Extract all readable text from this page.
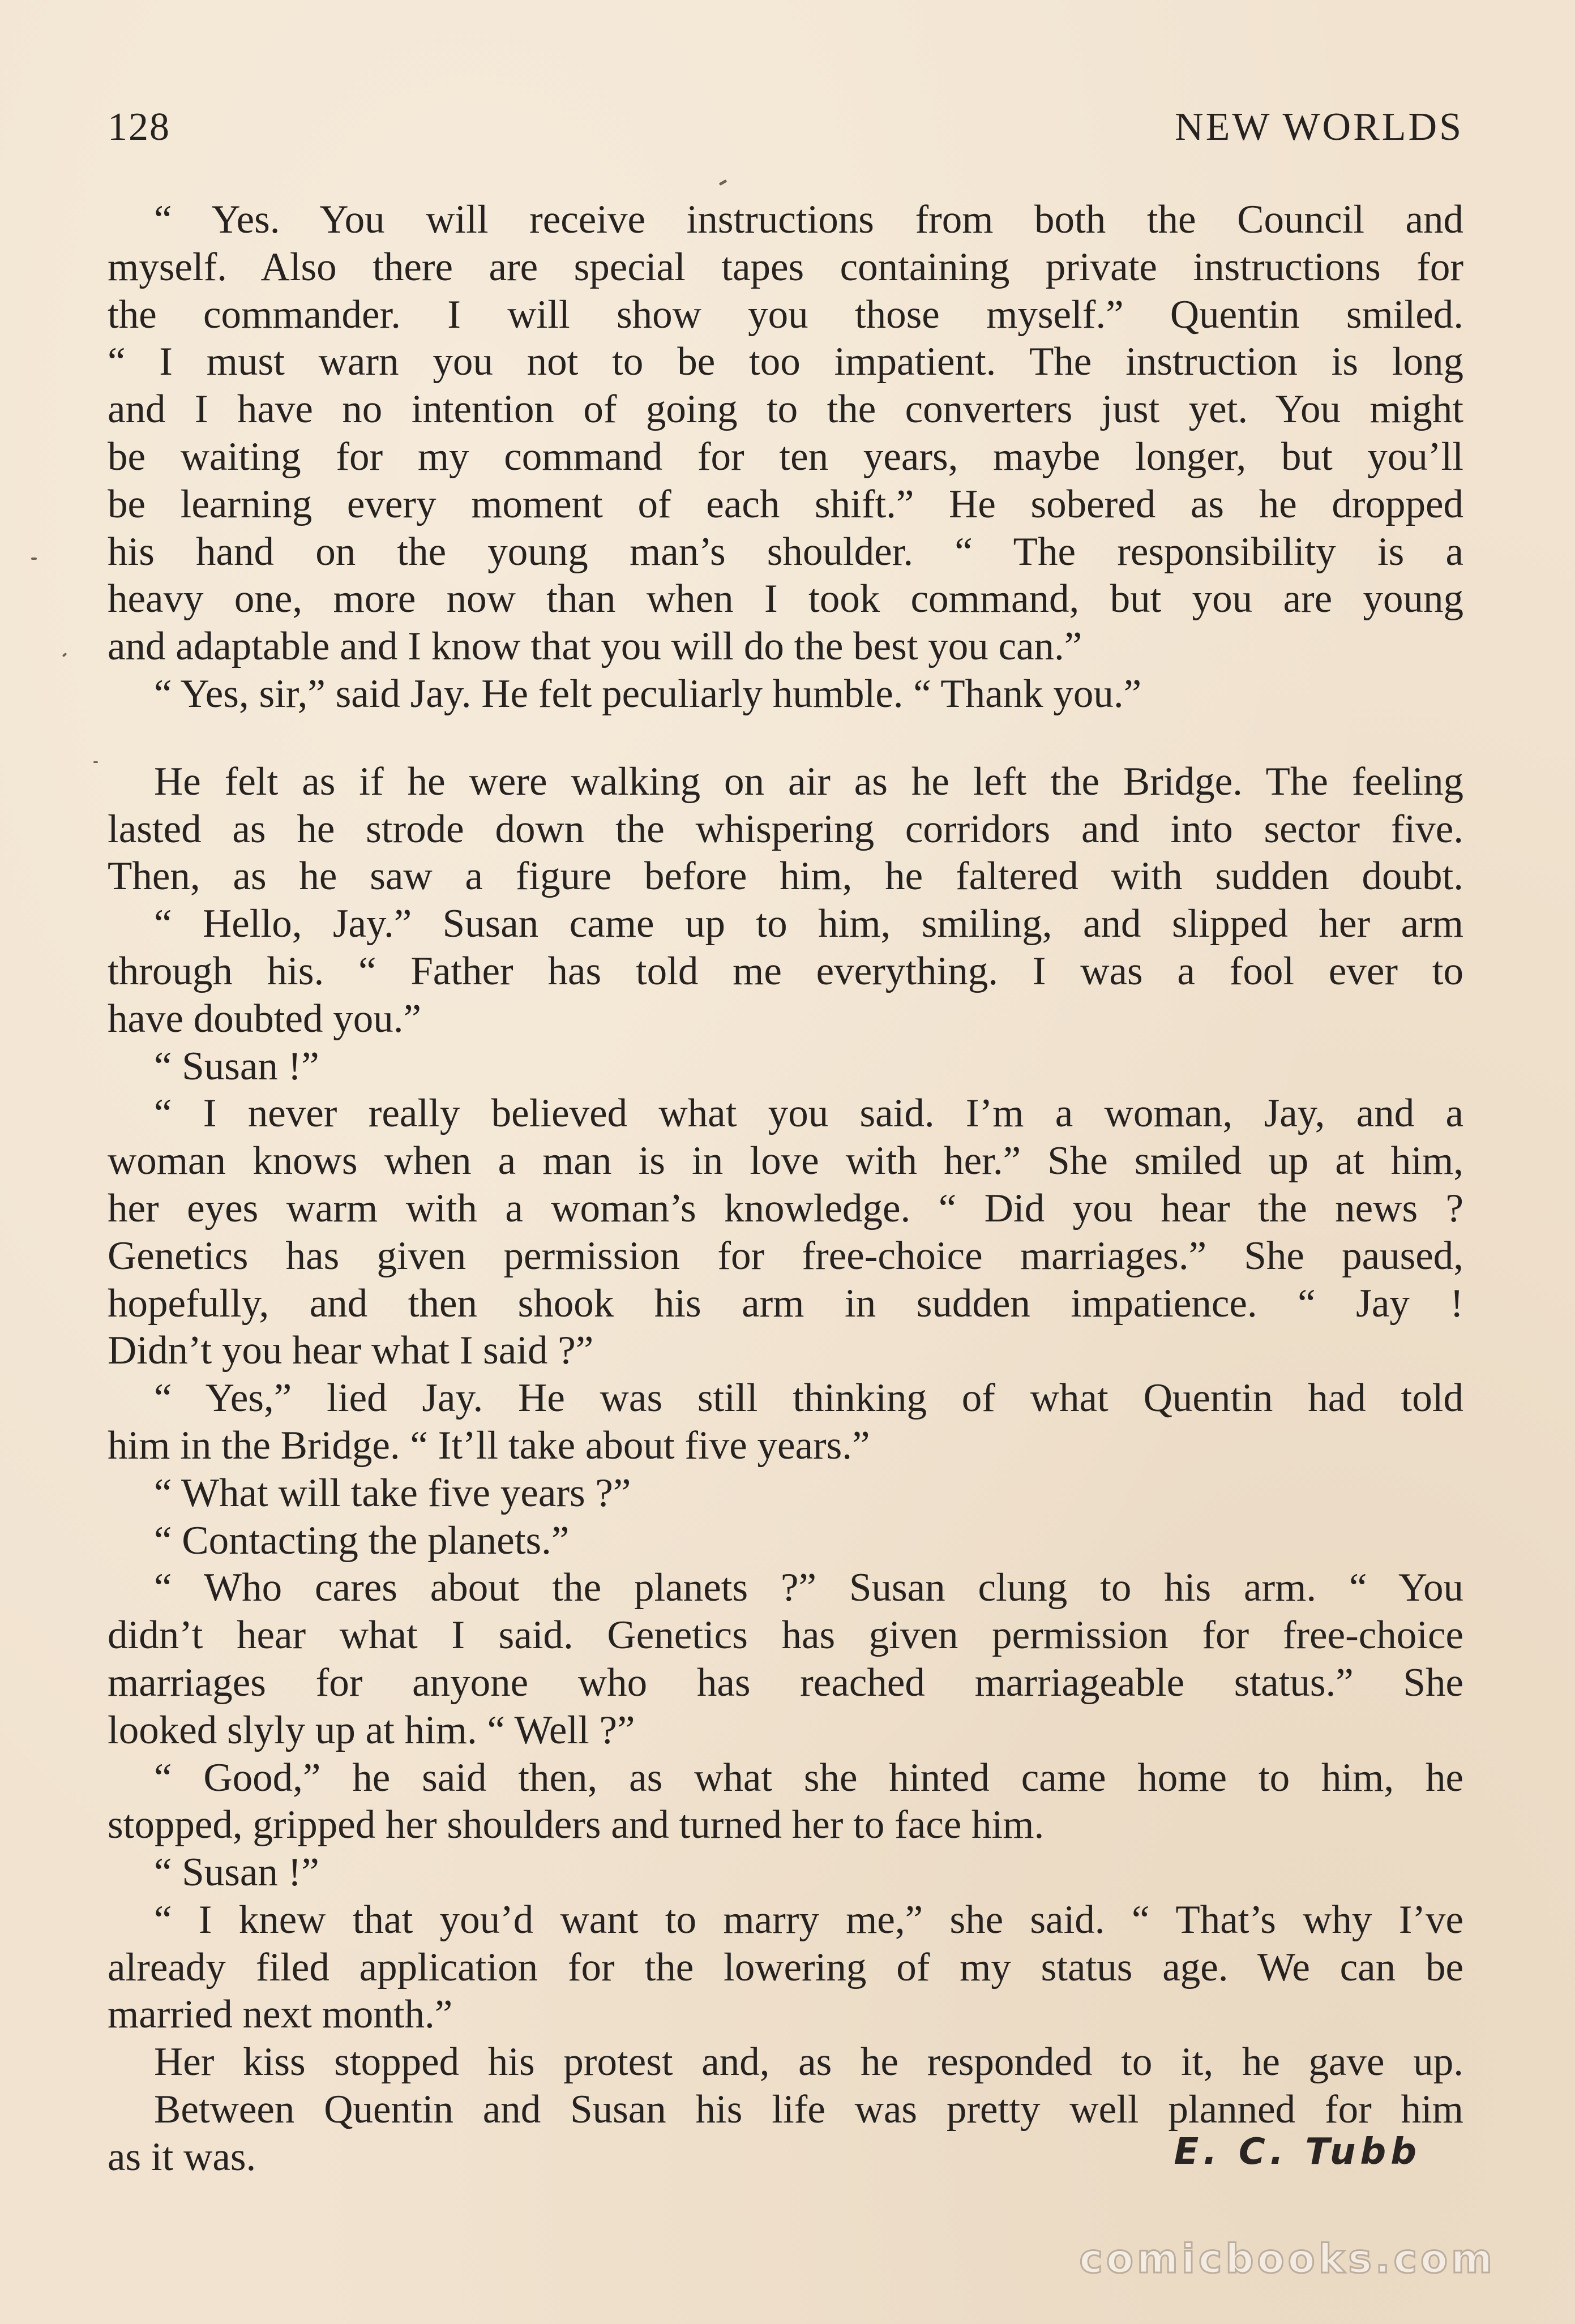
128	NEW WORLDS
“ Yes. You will receive instructions from both the Council and
myself. Also there are special tapes containing private instructions for
the commander. I will show you those myself.” Quentin smiled.
“ I must warn you not to be too impatient. The instruction is long
and I have no intention of going to the converters just yet. You might
be waiting for my command for ten years, maybe longer, but you’ll
be learning every moment of each shift.” He sobered as he dropped
his hand on the young man’s shoulder. “ The responsibility is a
heavy one, more now than when I took command, but you are young
and adaptable and I know that you will do the best you can.”
“ Yes, sir,” said Jay. He felt peculiarly humble. “ Thank you.”
He felt as if he were walking on air as he left the Bridge. The feeling
lasted as he strode down the whispering corridors and into sector five.
Then, as he saw a figure before him, he faltered with sudden doubt.
“ Hello, Jay.” Susan came up to him, smiling, and slipped her arm
through his. “ Father has told me everything. I was a fool ever to
have doubted you.”
“ Susan !”
“ I never really believed what you said. I’m a woman, Jay, and a
woman knows when a man is in love with her.” She smiled up at him,
her eyes warm with a woman’s knowledge. “ Did you hear the news ?
Genetics has given permission for free-choice marriages.” She paused,
hopefully, and then shook his arm in sudden impatience. “ Jay !
Didn’t you hear what I said ?”
“ Yes,” lied Jay. He was still thinking of what Quentin had told
him in the Bridge. “ It’ll take about five years.”
“ What will take five years ?”
“ Contacting the planets.”
“ Who cares about the planets ?” Susan clung to his arm. “ You
didn’t hear what I said. Genetics has given permission for free-choice
marriages for anyone who has reached marriageable status.” She
looked slyly up at him. “ Well ?”
“ Good,” he said then, as what she hinted came home to him, he
stopped, gripped her shoulders and turned her to face him.
“ Susan !”
“ I knew that you’d want to marry me,” she said. “ That’s why I’ve
already filed application for the lowering of my status age. We can be
married next month.”
Her kiss stopped his protest and, as he responded to it, he gave up.
Between Quentin and Susan his life was pretty well planned for him
as it was.	E. C. Tubb
comicbooks.com
